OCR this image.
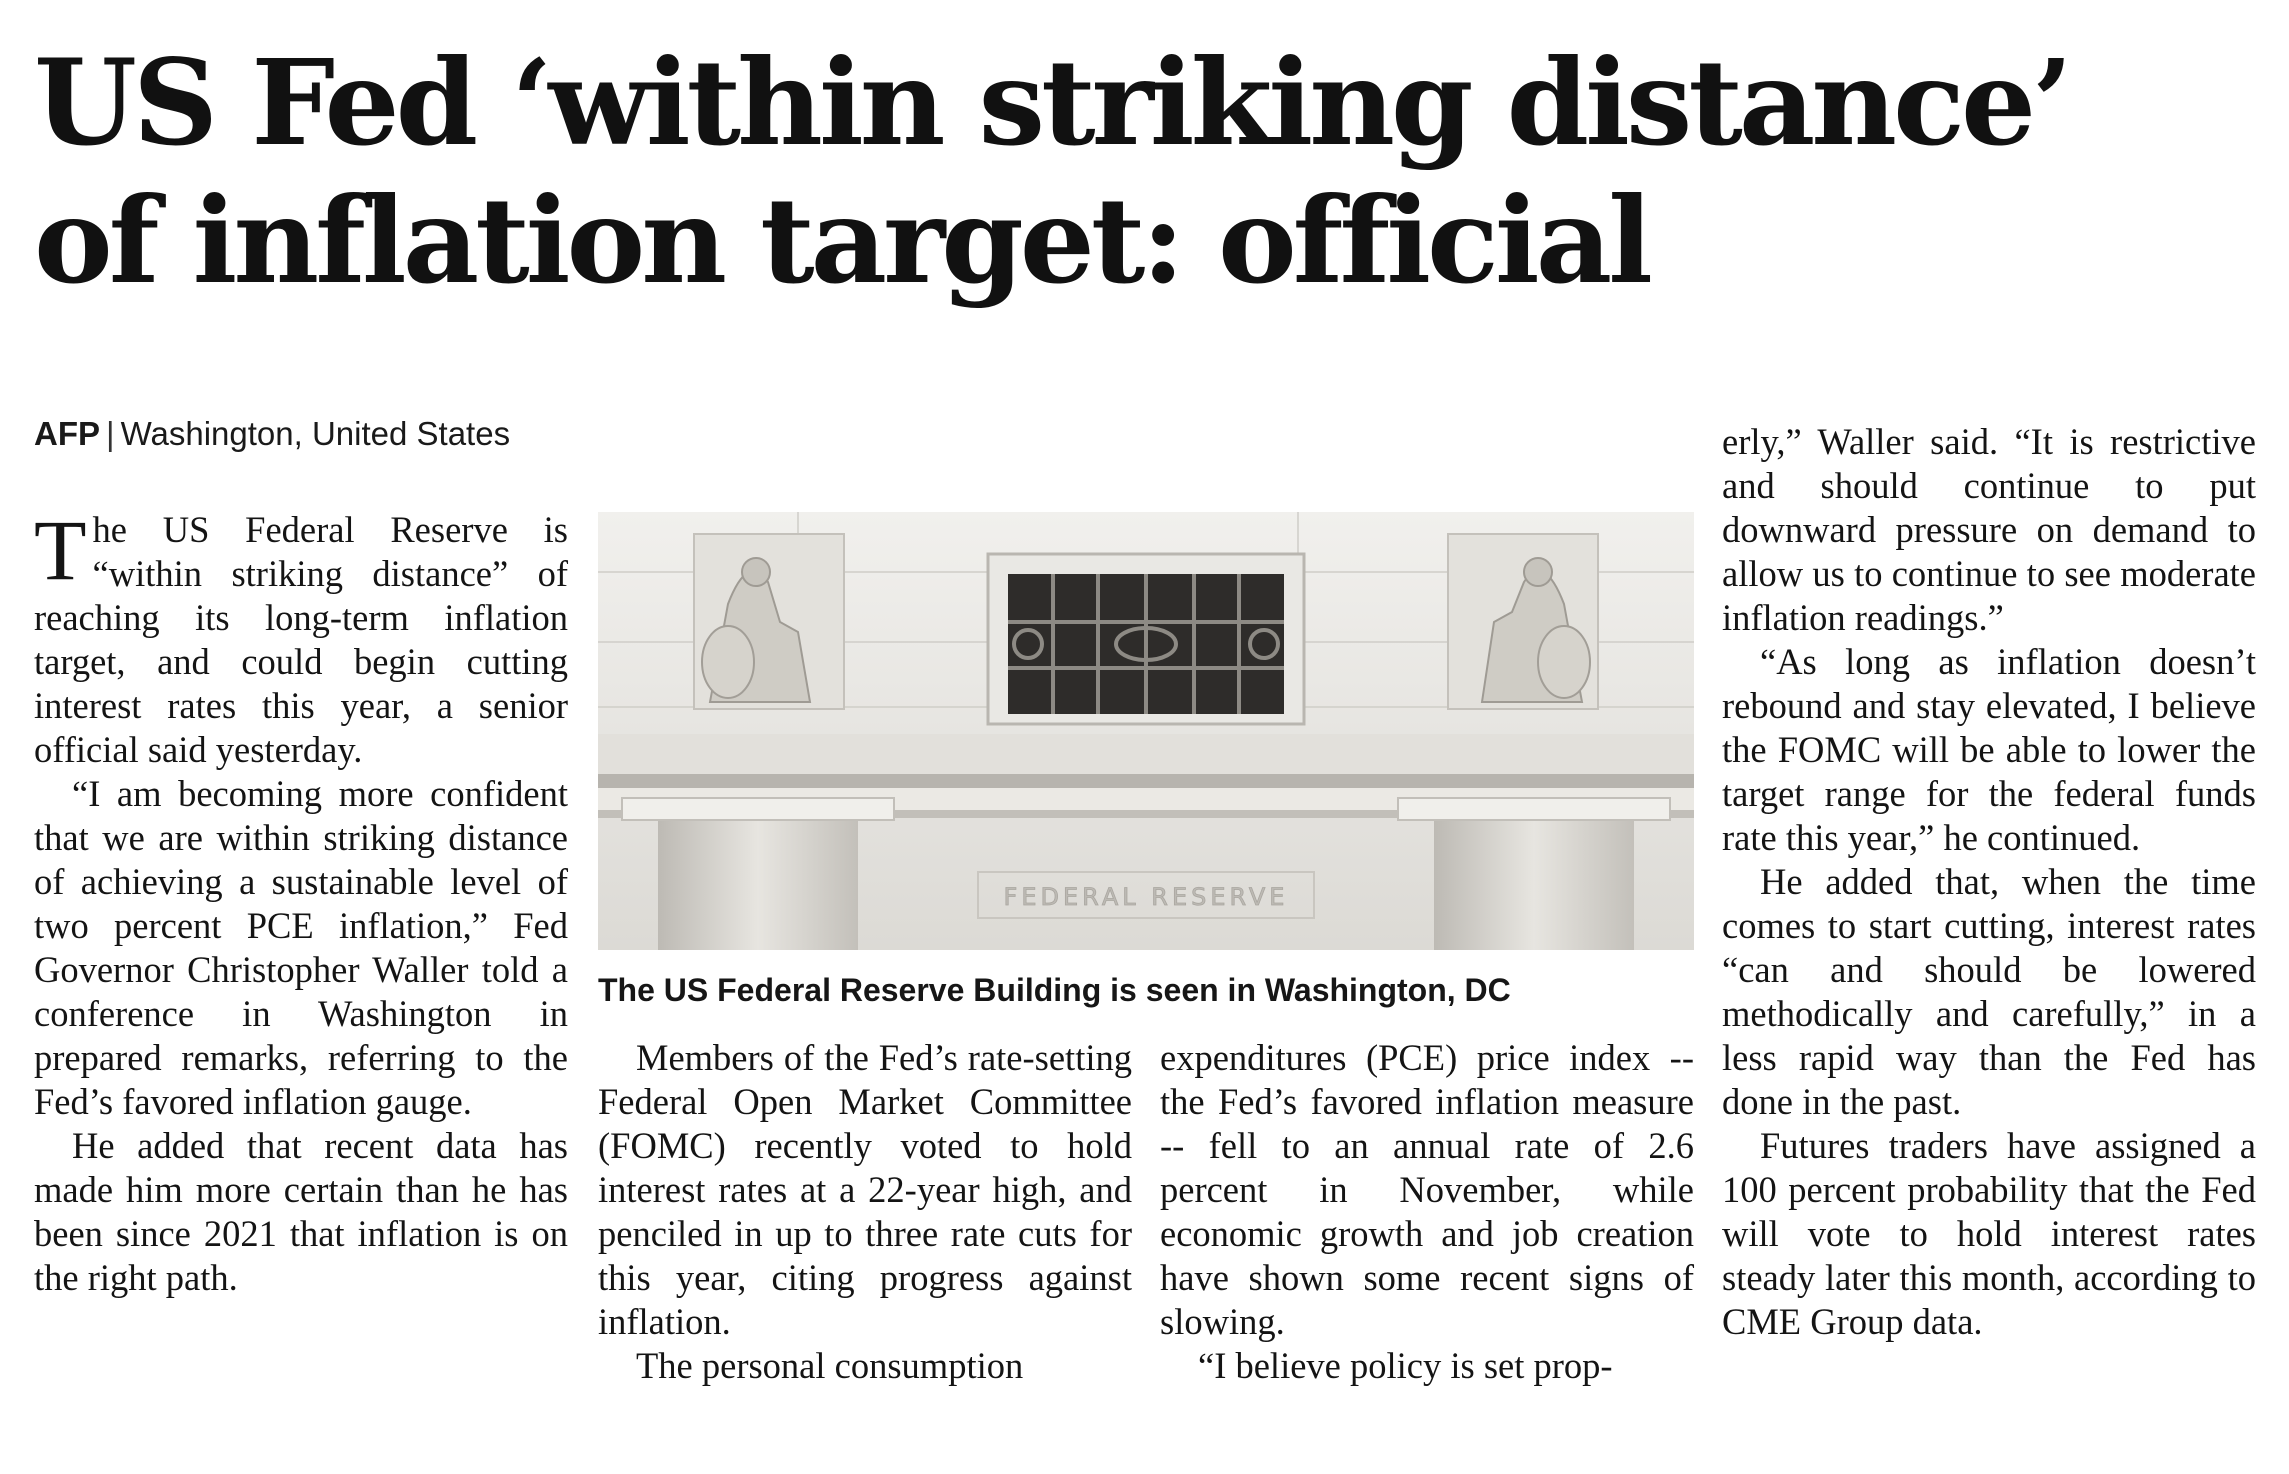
US Fed ‘within striking distance’
of inflation target: official
AFP | Washington, United States

The US Federal Reserve is “within striking distance” of reaching its long-term inflation target, and could begin cutting interest rates this year, a senior official said yesterday.

“I am becoming more confident that we are within striking distance of achieving a sustainable level of two percent PCE inflation,” Fed Governor Christopher Waller told a conference in Washington in prepared remarks, referring to the Fed’s favored inflation gauge.

He added that recent data has made him more certain than he has been since 2021 that inflation is on the right path.

FEDERAL RESERVE
The US Federal Reserve Building is seen in Washington, DC

Members of the Fed’s rate-setting Federal Open Market Committee (FOMC) recently voted to hold interest rates at a 22-year high, and penciled in up to three rate cuts for this year, citing progress against inflation.

The personal consumption

expenditures (PCE) price index -- the Fed’s favored inflation measure -- fell to an annual rate of 2.6 percent in November, while economic growth and job creation have shown some recent signs of slowing.

“I believe policy is set prop-

erly,” Waller said. “It is restrictive and should continue to put downward pressure on demand to allow us to continue to see moderate inflation readings.”

“As long as inflation doesn’t rebound and stay elevated, I believe the FOMC will be able to lower the target range for the federal funds rate this year,” he continued.

He added that, when the time comes to start cutting, interest rates “can and should be lowered methodically and carefully,” in a less rapid way than the Fed has done in the past.

Futures traders have assigned a 100 percent probability that the Fed will vote to hold interest rates steady later this month, according to CME Group data.
